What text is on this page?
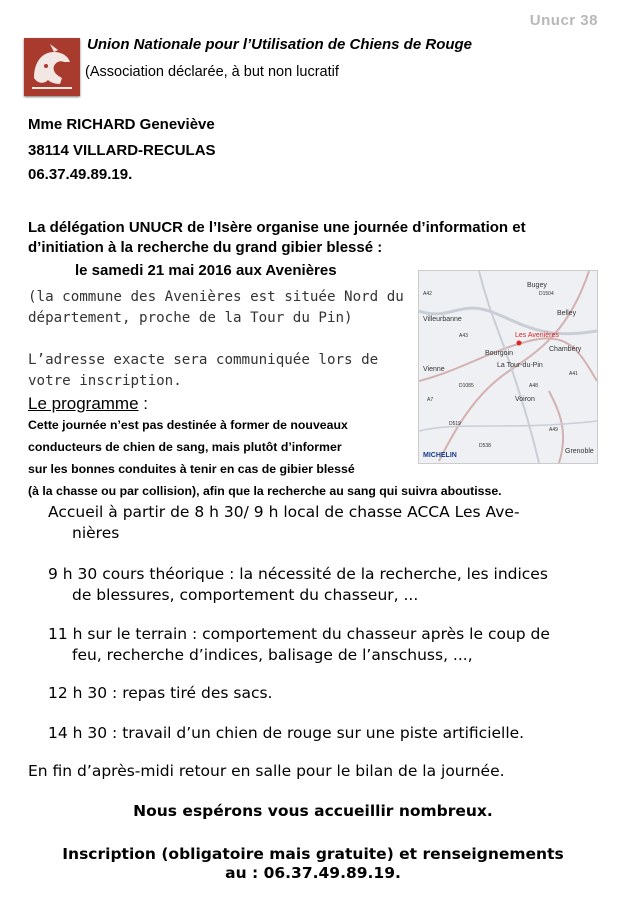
Unucr 38
Union Nationale pour l’Utilisation de Chiens de Rouge
(Association déclarée, à but non lucratif
Mme RICHARD Geneviève
38114 VILLARD-RECULAS
06.37.49.89.19.
La délégation UNUCR de l’Isère organise une journée d’information et d’initiation à la recherche du grand gibier blessé :
le samedi 21 mai 2016 aux Avenières

(la commune des Avenières est située Nord du département, proche de la Tour du Pin)

L’adresse exacte sera communiquée lors de votre inscription.

Bugey
Belley
Villeurbanne
Les Avenières
Chambéry
Bourgoin
La Tour-du-Pin
Vienne
Voiron
Grenoble
MICHELIN
A42	D1504
A43
A48
A41
D1085
A7
D519
D538
A49
Le programme :
Cette journée n’est pas destinée à former de nouveaux
conducteurs de chien de sang, mais plutôt d’informer
sur les bonnes conduites à tenir en cas de gibier blessé
(à la chasse ou par collision), afin que la recherche au sang qui suivra aboutisse.
Accueil à partir de 8 h 30/ 9 h local de chasse ACCA Les Ave-
nières
9 h 30 cours théorique : la nécessité de la recherche, les indices
de blessures, comportement du chasseur, ...
11 h sur le terrain : comportement du chasseur après le coup de
feu, recherche d’indices, balisage de l’anschuss, ...,
12 h 30 : repas tiré des sacs.
14 h 30 : travail d’un chien de rouge sur une piste artificielle.
En fin d’après-midi retour en salle pour le bilan de la journée.
Nous espérons vous accueillir nombreux.
Inscription (obligatoire mais gratuite) et renseignements
au : 06.37.49.89.19.
